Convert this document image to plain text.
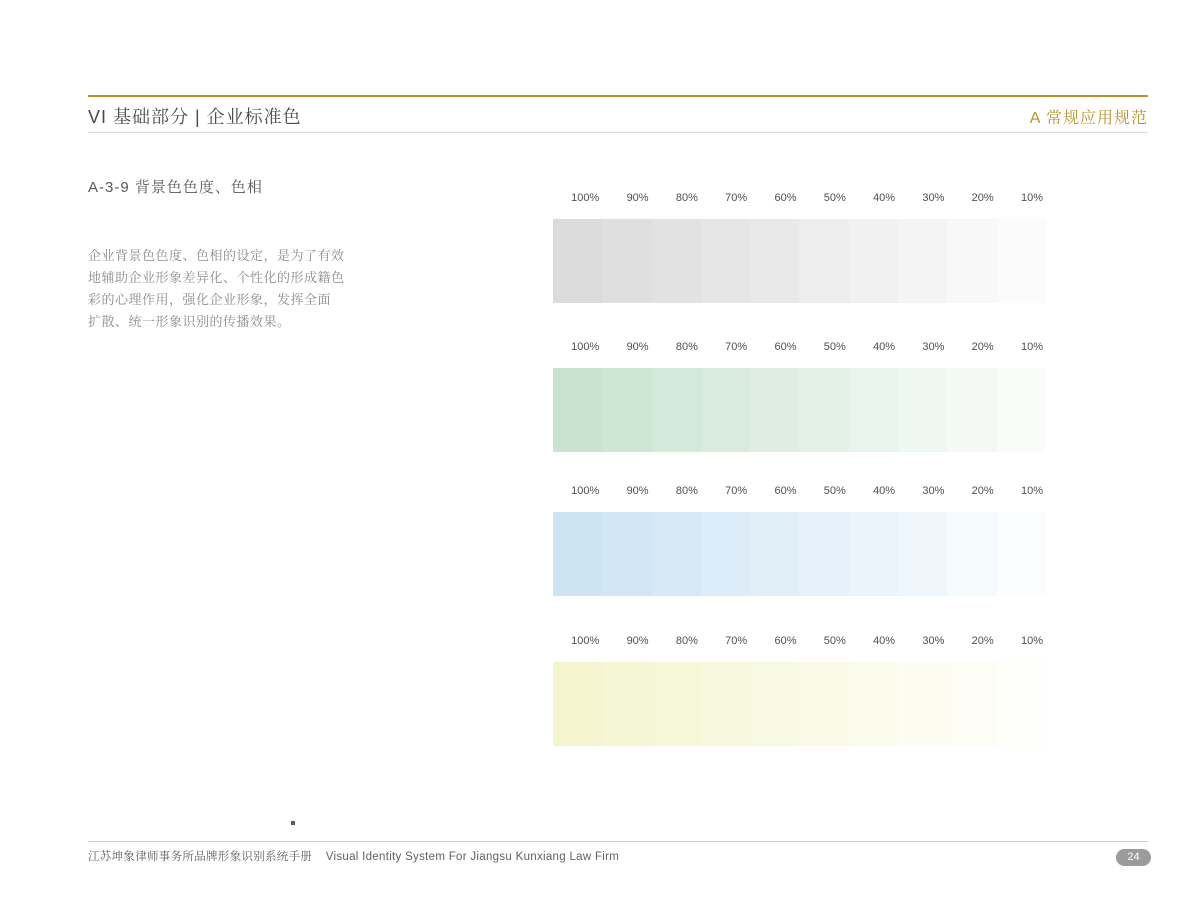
VI 基础部分 | 企业标准色	A 常规应用规范
A-3-9 背景色色度、色相
企业背景色色度、色相的设定，是为了有效
地辅助企业形象差异化、个性化的形成籍色
彩的心理作用，强化企业形象，发挥全面
扩散、统一形象识别的传播效果。
100%	90%	80%	70%	60%	50%	40%	30%	20%	10%
100%	90%	80%	70%	60%	50%	40%	30%	20%	10%
100%	90%	80%	70%	60%	50%	40%	30%	20%	10%
100%	90%	80%	70%	60%	50%	40%	30%	20%	10%
江苏坤象律师事务所品牌形象识别系统手册 Visual Identity System For Jiangsu Kunxiang Law Firm	24
